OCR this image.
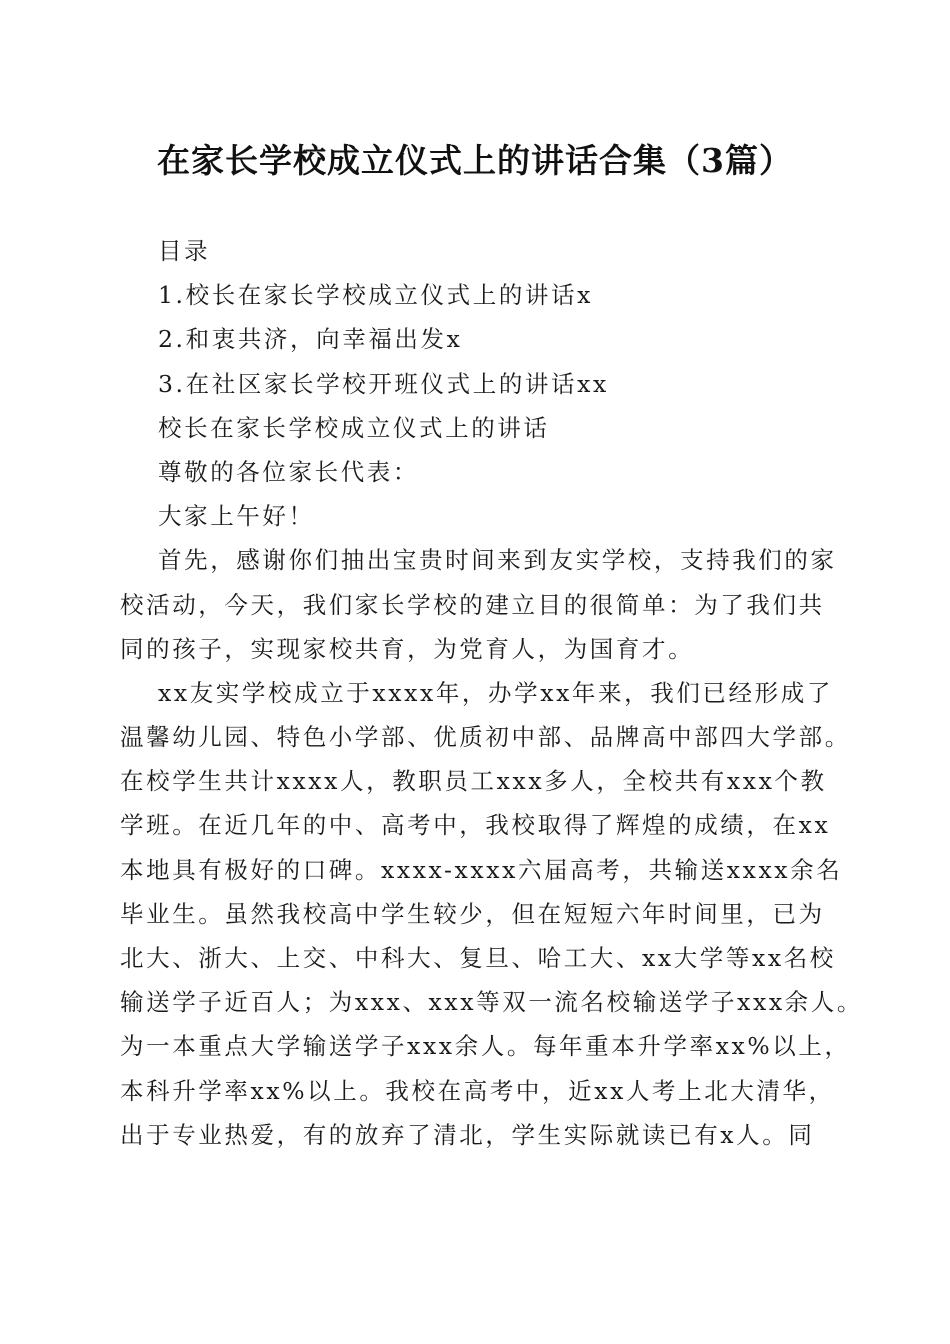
在家长学校成立仪式上的讲话合集（3篇）
目录
1.校长在家长学校成立仪式上的讲话x
2.和衷共济，向幸福出发x
3.在社区家长学校开班仪式上的讲话xx
校长在家长学校成立仪式上的讲话
尊敬的各位家长代表：
大家上午好！
首先，感谢你们抽出宝贵时间来到友实学校，支持我们的家
校活动，今天，我们家长学校的建立目的很简单：为了我们共
同的孩子，实现家校共育，为党育人，为国育才。
xx友实学校成立于xxxx年，办学xx年来，我们已经形成了
温馨幼儿园、特色小学部、优质初中部、品牌高中部四大学部。
在校学生共计xxxx人，教职员工xxx多人，全校共有xxx个教
学班。在近几年的中、高考中，我校取得了辉煌的成绩，在xx
本地具有极好的口碑。xxxx-xxxx六届高考，共输送xxxx余名
毕业生。虽然我校高中学生较少，但在短短六年时间里，已为
北大、浙大、上交、中科大、复旦、哈工大、xx大学等xx名校
输送学子近百人；为xxx、xxx等双一流名校输送学子xxx余人。
为一本重点大学输送学子xxx余人。每年重本升学率xx%以上，
本科升学率xx%以上。我校在高考中，近xx人考上北大清华，
出于专业热爱，有的放弃了清北，学生实际就读已有x人。同
